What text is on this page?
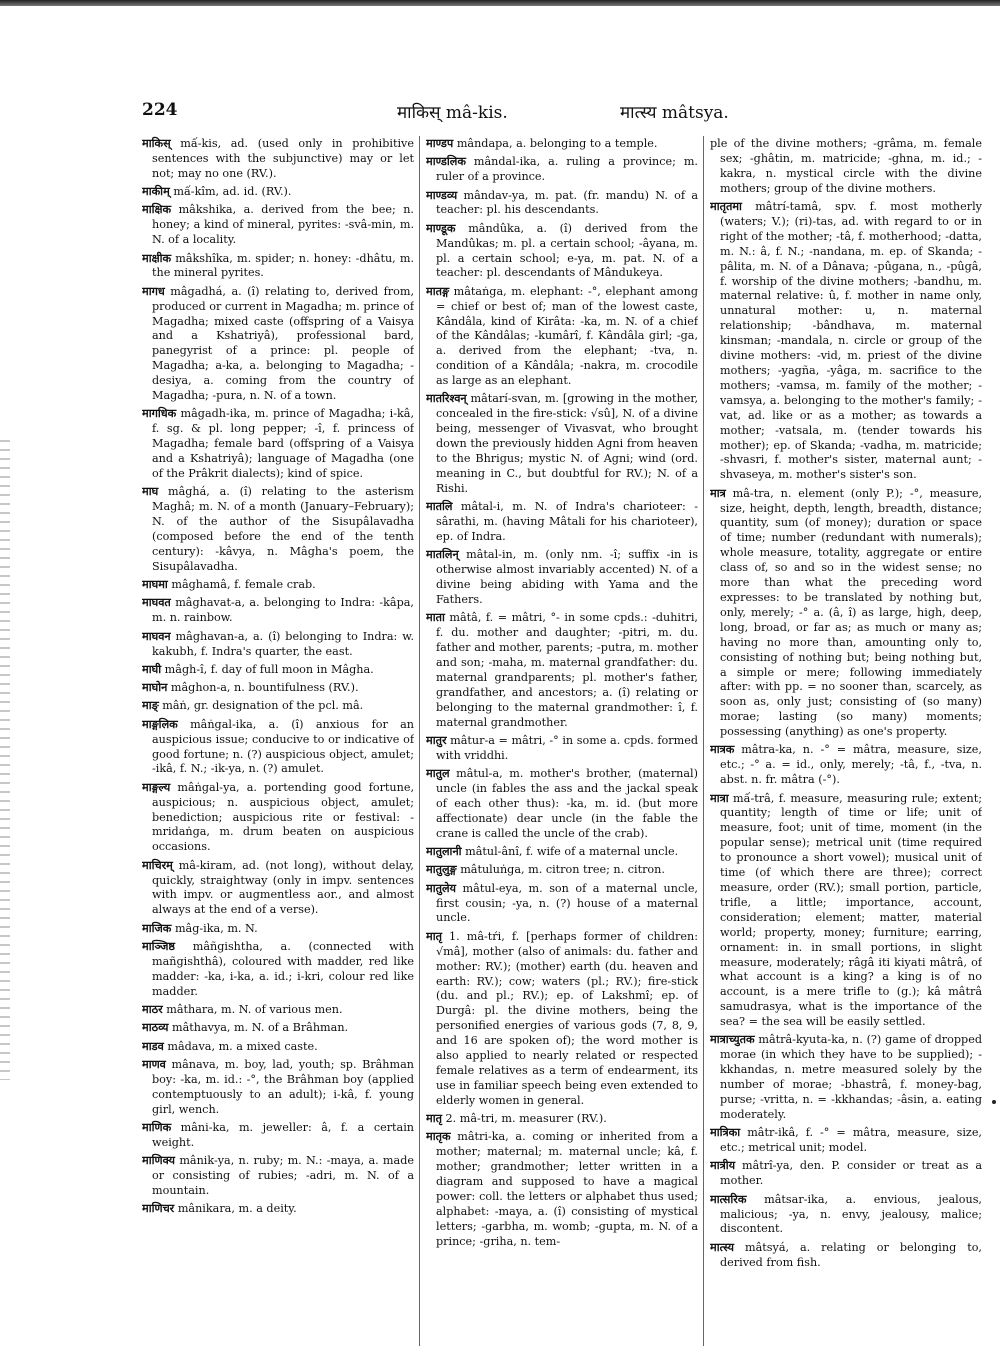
224	माकिस् mâ-kis.	मात्स्य mâtsya.

माकिस् mấ-kis, ad. (used only in prohibitive sentences with the subjunctive) may or let not; may no one (RV.).

माकीम् mấ-kîm, ad. id. (RV.).

माक्षिक mâkshika, a. derived from the bee; n. honey; a kind of mineral, pyrites: -svâ-min, m. N. of a locality.

माक्षीक mâkshîka, m. spider; n. honey: -dhâtu, m. the mineral pyrites.

मागध mâgadhá, a. (î) relating to, derived from, produced or current in Magadha; m. prince of Magadha; mixed caste (offspring of a Vaisya and a Kshatriyâ), professional bard, panegyrist of a prince: pl. people of Magadha; a-ka, a. belonging to Magadha; -desiya, a. coming from the country of Magadha; -pura, n. N. of a town.

मागधिक mâgadh-ika, m. prince of Magadha; i-kâ, f. sg. & pl. long pepper; -î, f. princess of Magadha; female bard (offspring of a Vaisya and a Kshatriyâ); language of Magadha (one of the Prâkrit dialects); kind of spice.

माघ mâghá, a. (î) relating to the asterism Maghâ; m. N. of a month (January–February); N. of the author of the Sisupâlavadha (composed before the end of the tenth century): -kâvya, n. Mâgha's poem, the Sisupâlavadha.

माघमा mâghamâ, f. female crab.

माघवत mâghavat-a, a. belonging to Indra: -kâpa, m. n. rainbow.

माघवन mâghavan-a, a. (î) belonging to Indra: w. kakubh, f. Indra's quarter, the east.

माघी mâgh-î, f. day of full moon in Mâgha.

माघोन mâghon-a, n. bountifulness (RV.).

माङ् mâṅ, gr. designation of the pcl. mâ.

माङ्गलिक mâṅgal-ika, a. (î) anxious for an auspicious issue; conducive to or indicative of good fortune; n. (?) auspicious object, amulet; -ikâ, f. N.; -ik-ya, n. (?) amulet.

माङ्गल्य mâṅgal-ya, a. portending good fortune, auspicious; n. auspicious object, amulet; benediction; auspicious rite or festival: -mridaṅga, m. drum beaten on auspicious occasions.

माचिरम् mâ-kiram, ad. (not long), without delay, quickly, straightway (only in impv. sentences with impv. or augmentless aor., and almost always at the end of a verse).

माजिक mâg-ika, m. N.

माञ्जिष्ठ mâñgishtha, a. (connected with mañgishthâ), coloured with madder, red like madder: -ka, i-ka, a. id.; i-kri, colour red like madder.

माठर mâthara, m. N. of various men.

माठव्य mâthavya, m. N. of a Brâhman.

माडव mâdava, m. a mixed caste.

माणव mânava, m. boy, lad, youth; sp. Brâhman boy: -ka, m. id.: -°, the Brâhman boy (applied contemptuously to an adult); i-kâ, f. young girl, wench.

माणिक mâni-ka, m. jeweller: â, f. a certain weight.

माणिक्य mânik-ya, n. ruby; m. N.: -maya, a. made or consisting of rubies; -adri, m. N. of a mountain.

माणिचर mânikara, m. a deity.

माण्डप mândapa, a. belonging to a temple.

माण्डलिक mândal-ika, a. ruling a province; m. ruler of a province.

माण्डव्य mândav-ya, m. pat. (fr. mandu) N. of a teacher: pl. his descendants.

माण्डूक mândûka, a. (î) derived from the Mandûkas; m. pl. a certain school; -âyana, m. pl. a certain school; e-ya, m. pat. N. of a teacher: pl. descendants of Mândukeya.

मातङ्ग mâtaṅga, m. elephant: -°, elephant among = chief or best of; man of the lowest caste, Kândâla, kind of Kirâta: -ka, m. N. of a chief of the Kândâlas; -kumârî, f. Kândâla girl; -ga, a. derived from the elephant; -tva, n. condition of a Kândâla; -nakra, m. crocodile as large as an elephant.

मातरिश्वन् mâtarí-svan, m. [growing in the mother, concealed in the fire-stick: √sû], N. of a divine being, messenger of Vivasvat, who brought down the previously hidden Agni from heaven to the Bhrigus; mystic N. of Agni; wind (ord. meaning in C., but doubtful for RV.); N. of a Rishi.

मातलि mâtal-i, m. N. of Indra's charioteer: -sârathi, m. (having Mâtali for his charioteer), ep. of Indra.

मातलिन् mâtal-in, m. (only nm. -î; suffix -in is otherwise almost invariably accented) N. of a divine being abiding with Yama and the Fathers.

माता mâtâ, f. = mâtri, °- in some cpds.: -duhitri, f. du. mother and daughter; -pitri, m. du. father and mother, parents; -putra, m. mother and son; -maha, m. maternal grandfather: du. maternal grandparents; pl. mother's father, grandfather, and ancestors; a. (î) relating or belonging to the maternal grandmother: î, f. maternal grandmother.

मातुर mâtur-a = mâtri, -° in some a. cpds. formed with vriddhi.

मातुल mâtul-a, m. mother's brother, (maternal) uncle (in fables the ass and the jackal speak of each other thus): -ka, m. id. (but more affectionate) dear uncle (in the fable the crane is called the uncle of the crab).

मातुलानी mâtul-ânî, f. wife of a maternal uncle.

मातुलुङ्ग mâtuluṅga, m. citron tree; n. citron.

मातुलेय mâtul-eya, m. son of a maternal uncle, first cousin; -ya, n. (?) house of a maternal uncle.

मातृ 1. mâ-tŕi, f. [perhaps former of children: √mâ], mother (also of animals: du. father and mother: RV.); (mother) earth (du. heaven and earth: RV.); cow; waters (pl.; RV.); fire-stick (du. and pl.; RV.); ep. of Lakshmî; ep. of Durgâ: pl. the divine mothers, being the personified energies of various gods (7, 8, 9, and 16 are spoken of); the word mother is also applied to nearly related or respected female relatives as a term of endearment, its use in familiar speech being even extended to elderly women in general.

मातृ 2. mâ-tri, m. measurer (RV.).

मातृक mâtri-ka, a. coming or inherited from a mother; maternal; m. maternal uncle; kâ, f. mother; grandmother; letter written in a diagram and supposed to have a magical power: coll. the letters or alphabet thus used; alphabet: -maya, a. (î) consisting of mystical letters; -garbha, m. womb; -gupta, m. N. of a prince; -griha, n. tem-

ple of the divine mothers; -grâma, m. female sex; -ghâtin, m. matricide; -ghna, m. id.; -kakra, n. mystical circle with the divine mothers; group of the divine mothers.

मातृतमा mâtrí-tamâ, spv. f. most motherly (waters; V.); (ri)-tas, ad. with regard to or in right of the mother; -tâ, f. motherhood; -datta, m. N.: â, f. N.; -nandana, m. ep. of Skanda; -pâlita, m. N. of a Dânava; -pûgana, n., -pûgâ, f. worship of the divine mothers; -bandhu, m. maternal relative: û, f. mother in name only, unnatural mother: u, n. maternal relationship; -bândhava, m. maternal kinsman; -mandala, n. circle or group of the divine mothers: -vid, m. priest of the divine mothers; -yagña, -yâga, m. sacrifice to the mothers; -vamsa, m. family of the mother; -vamsya, a. belonging to the mother's family; -vat, ad. like or as a mother; as towards a mother; -vatsala, m. (tender towards his mother); ep. of Skanda; -vadha, m. matricide; -shvasri, f. mother's sister, maternal aunt; -shvaseya, m. mother's sister's son.

मात्र mâ-tra, n. element (only P.); -°, measure, size, height, depth, length, breadth, distance; quantity, sum (of money); duration or space of time; number (redundant with numerals); whole measure, totality, aggregate or entire class of, so and so in the widest sense; no more than what the preceding word expresses: to be translated by nothing but, only, merely; -° a. (â, î) as large, high, deep, long, broad, or far as; as much or many as; having no more than, amounting only to, consisting of nothing but; being nothing but, a simple or mere; following immediately after: with pp. = no sooner than, scarcely, as soon as, only just; consisting of (so many) morae; lasting (so many) moments; possessing (anything) as one's property.

मात्रक mâtra-ka, n. -° = mâtra, measure, size, etc.; -° a. = id., only, merely; -tâ, f., -tva, n. abst. n. fr. mâtra (-°).

मात्रा mấ-trâ, f. measure, measuring rule; extent; quantity; length of time or life; unit of measure, foot; unit of time, moment (in the popular sense); metrical unit (time required to pronounce a short vowel); musical unit of time (of which there are three); correct measure, order (RV.); small portion, particle, trifle, a little; importance, account, consideration; element; matter, material world; property, money; furniture; earring, ornament: in. in small portions, in slight measure, moderately; râgâ iti kiyati mâtrâ, of what account is a king? a king is of no account, is a mere trifle to (g.); kâ mâtrâ samudrasya, what is the importance of the sea? = the sea will be easily settled.

मात्राच्युतक mâtrâ-kyuta-ka, n. (?) game of dropped morae (in which they have to be supplied); -kkhandas, n. metre measured solely by the number of morae; -bhastrâ, f. money-bag, purse; -vritta, n. = -kkhandas; -âsin, a. eating moderately.

मात्रिका mâtr-ikâ, f. -° = mâtra, measure, size, etc.; metrical unit; model.

मात्रीय mâtrî-ya, den. P. consider or treat as a mother.

मात्सरिक mâtsar-ika, a. envious, jealous, malicious; -ya, n. envy, jealousy, malice; discontent.

मात्स्य mâtsyá, a. relating or belonging to, derived from fish.
